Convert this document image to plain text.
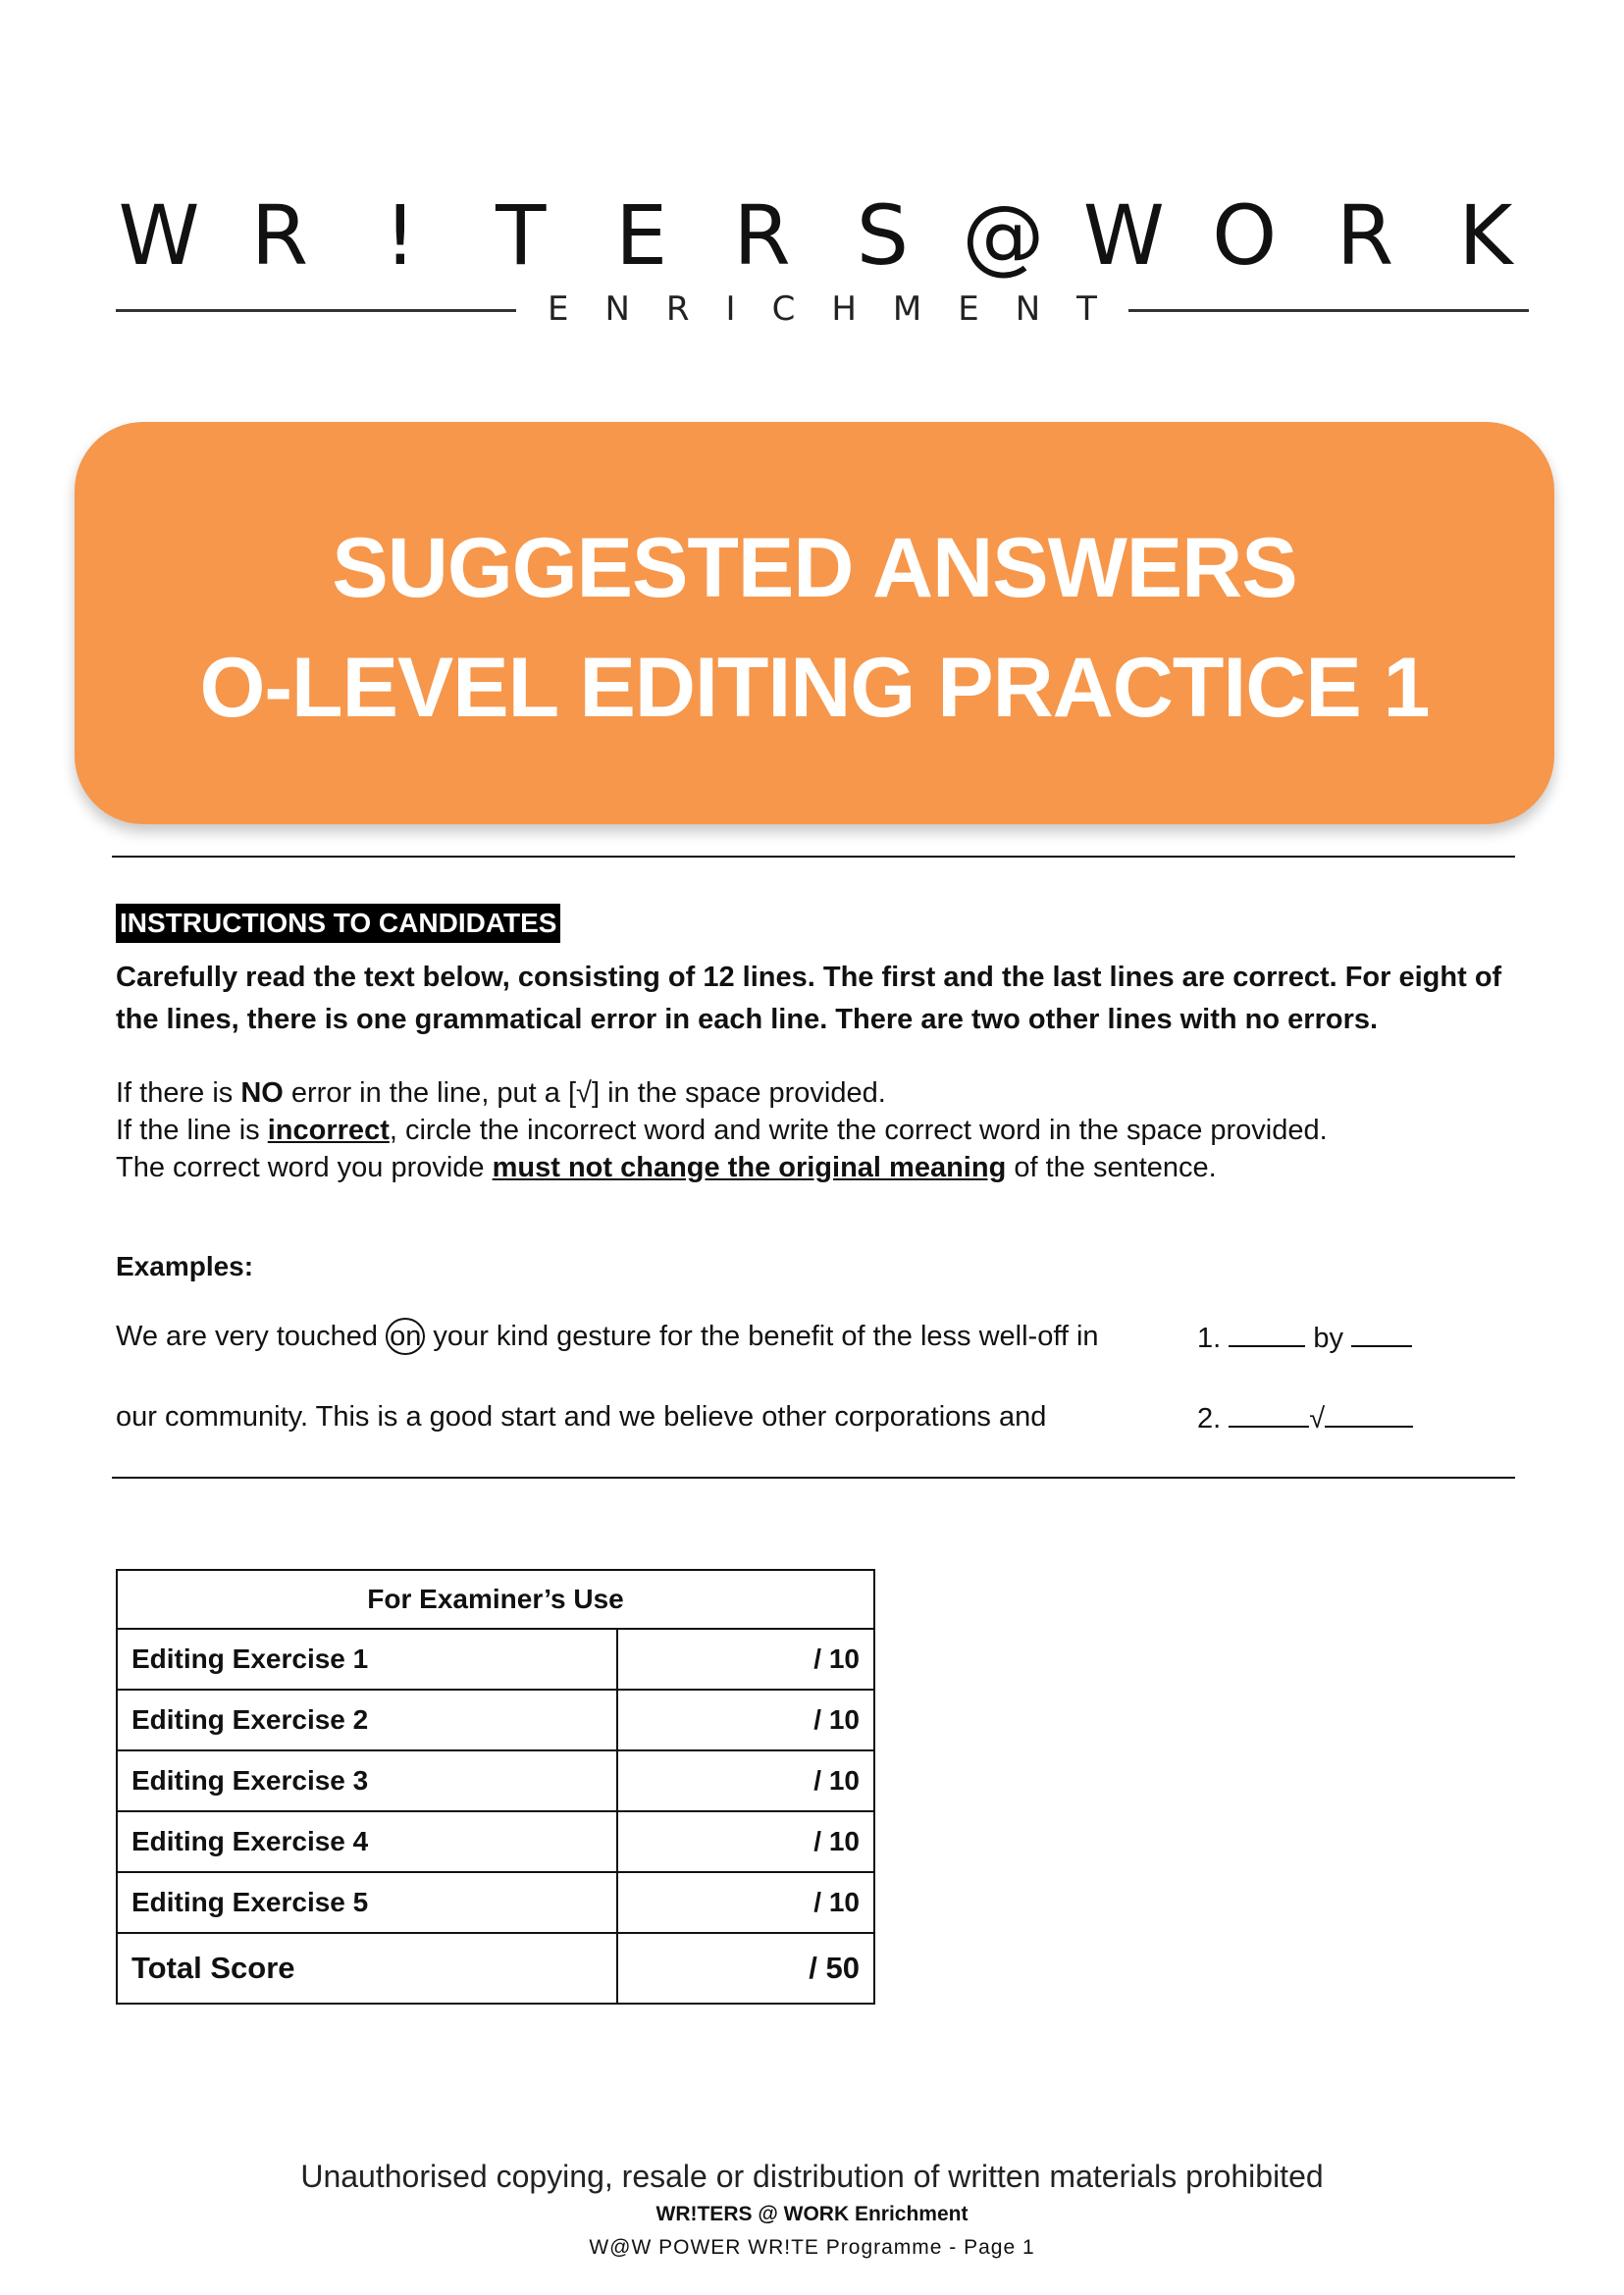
W R ! T E R S @ W O R K
E N R I C H M E N T
SUGGESTED ANSWERS
O-LEVEL EDITING PRACTICE 1
INSTRUCTIONS TO CANDIDATES
Carefully read the text below, consisting of 12 lines. The first and the last lines are correct. For eight of the lines, there is one grammatical error in each line. There are two other lines with no errors.
If there is NO error in the line, put a [√] in the space provided.
If the line is incorrect, circle the incorrect word and write the correct word in the space provided.
The correct word you provide must not change the original meaning of the sentence.
Examples:
We are very touched on your kind gesture for the benefit of the less well-off in	1.	by
our community. This is a good start and we believe other corporations and	2.	√
For Examiner’s Use	
Editing Exercise 1	/ 10
Editing Exercise 2	/ 10
Editing Exercise 3	/ 10
Editing Exercise 4	/ 10
Editing Exercise 5	/ 10
Total Score	/ 50
Unauthorised copying, resale or distribution of written materials prohibited
WR!TERS @ WORK Enrichment
W@W POWER WR!TE Programme - Page 1
